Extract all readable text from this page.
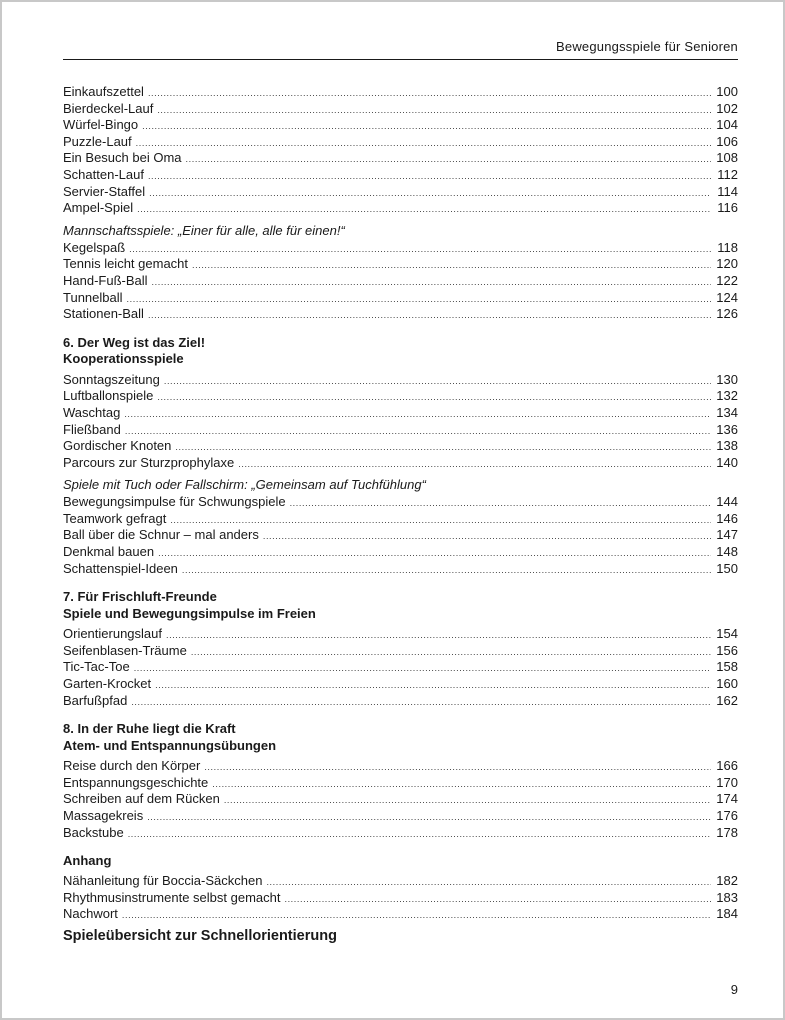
Bewegungsspiele für Senioren
Einkaufszettel .....	100
Bierdeckel-Lauf .....	102
Würfel-Bingo .....	104
Puzzle-Lauf .....	106
Ein Besuch bei Oma .....	108
Schatten-Lauf .....	112
Servier-Staffel .....	114
Ampel-Spiel .....	116
Mannschaftsspiele: „Einer für alle, alle für einen!“
Kegelspaß .....	118
Tennis leicht gemacht .....	120
Hand-Fuß-Ball .....	122
Tunnelball .....	124
Stationen-Ball .....	126
6. Der Weg ist das Ziel!
Kooperationsspiele
Sonntagszeitung .....	130
Luftballonspiele .....	132
Waschtag .....	134
Fließband .....	136
Gordischer Knoten .....	138
Parcours zur Sturzprophylaxe .....	140
Spiele mit Tuch oder Fallschirm: „Gemeinsam auf Tuchfühlung“
Bewegungsimpulse für Schwungspiele .....	144
Teamwork gefragt .....	146
Ball über die Schnur – mal anders .....	147
Denkmal bauen .....	148
Schattenspiel-Ideen .....	150
7. Für Frischluft-Freunde
Spiele und Bewegungsimpulse im Freien
Orientierungslauf .....	154
Seifenblasen-Träume .....	156
Tic-Tac-Toe .....	158
Garten-Krocket .....	160
Barfußpfad .....	162
8. In der Ruhe liegt die Kraft
Atem- und Entspannungsübungen
Reise durch den Körper .....	166
Entspannungsgeschichte .....	170
Schreiben auf dem Rücken .....	174
Massagekreis .....	176
Backstube .....	178
Anhang
Nähanleitung für Boccia-Säckchen .....	182
Rhythmusinstrumente selbst gemacht .....	183
Nachwort .....	184
Spieleübersicht zur Schnellorientierung
9
